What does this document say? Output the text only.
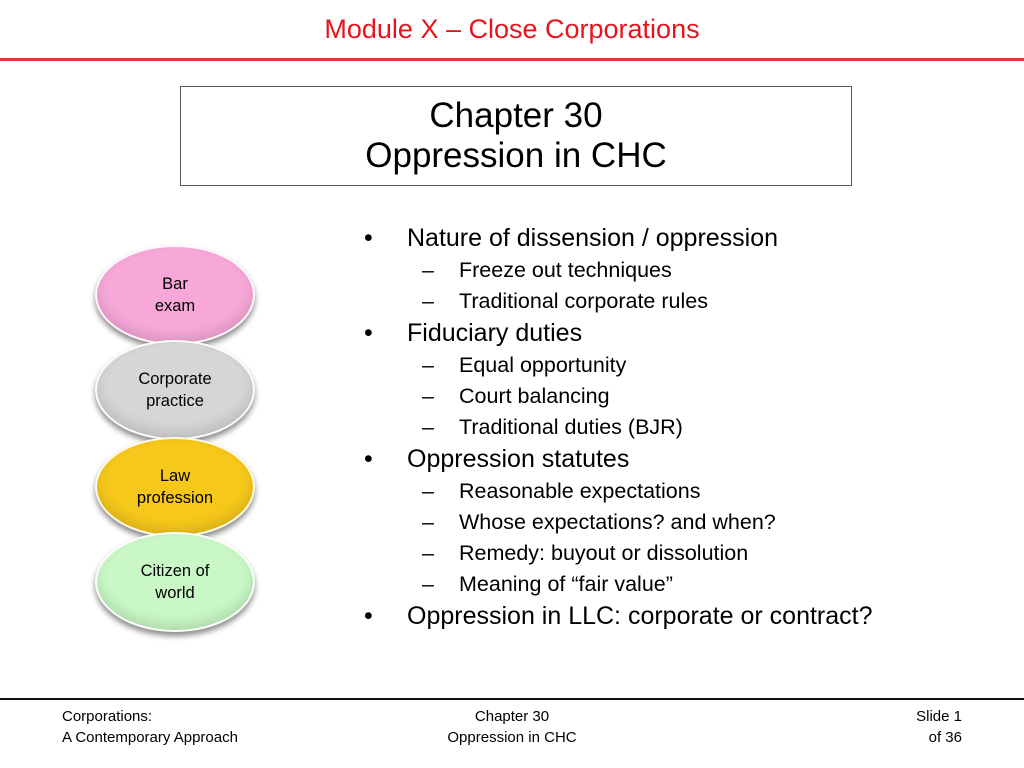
Module X – Close Corporations
Chapter 30
Oppression in CHC
Bar
exam
Corporate
practice
Law
profession
Citizen of
world
• Nature of dissension / oppression
– Freeze out techniques
– Traditional corporate rules
• Fiduciary duties
– Equal opportunity
– Court balancing
– Traditional duties (BJR)
• Oppression statutes
– Reasonable expectations
– Whose expectations? and when?
– Remedy: buyout or dissolution
– Meaning of “fair value”
• Oppression in LLC: corporate or contract?
Corporations:
A Contemporary Approach
Chapter 30
Oppression in CHC
Slide 1
of 36
